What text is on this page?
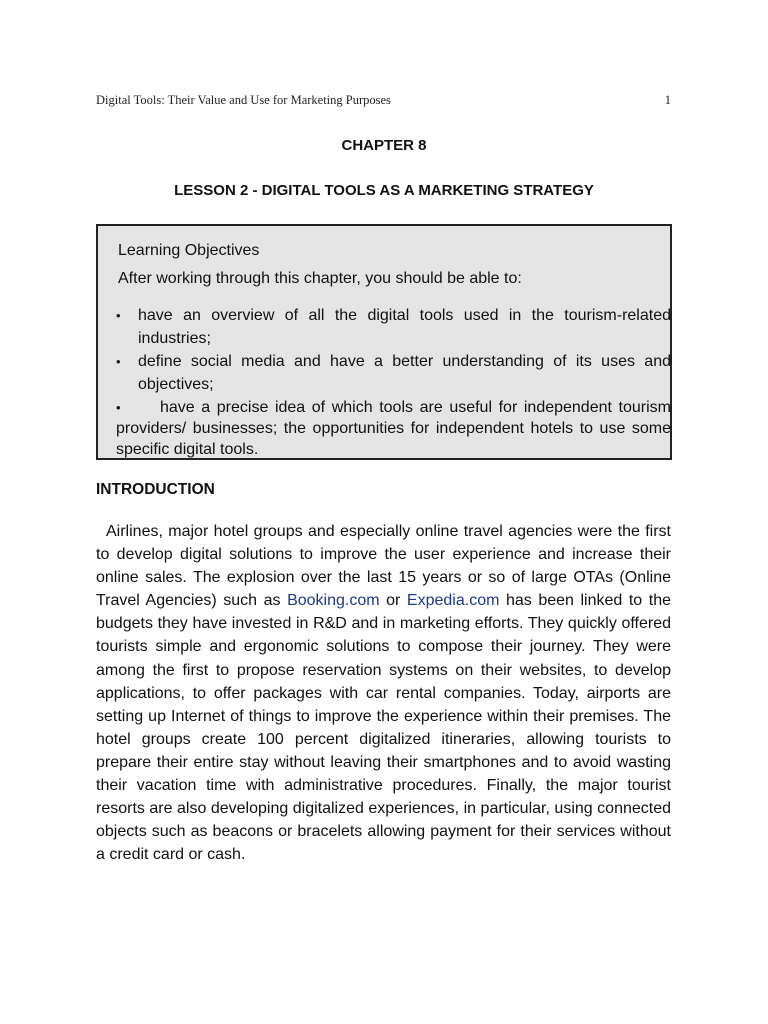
Digital Tools: Their Value and Use for Marketing Purposes	1
CHAPTER 8
LESSON 2 - DIGITAL TOOLS AS A MARKETING STRATEGY
Learning Objectives
After working through this chapter, you should be able to:
•	have an overview of all the digital tools used in the tourism-related industries;
•	define social media and have a better understanding of its uses and objectives;
• have a precise idea of which tools are useful for independent tourism providers/ businesses; the opportunities for independent hotels to use some specific digital tools.
INTRODUCTION

Airlines, major hotel groups and especially online travel agencies were the first to develop digital solutions to improve the user experience and increase their online sales. The explosion over the last 15 years or so of large OTAs (Online Travel Agencies) such as Booking.com or Expedia.com has been linked to the budgets they have invested in R&D and in marketing efforts. They quickly offered tourists simple and ergonomic solutions to compose their journey. They were among the first to propose reservation systems on their websites, to develop applications, to offer packages with car rental companies. Today, airports are setting up Internet of things to improve the experience within their premises. The hotel groups create 100 percent digitalized itineraries, allowing tourists to prepare their entire stay without leaving their smartphones and to avoid wasting their vacation time with administrative procedures. Finally, the major tourist resorts are also developing digitalized experiences, in particular, using connected objects such as beacons or bracelets allowing payment for their services without a credit card or cash.
